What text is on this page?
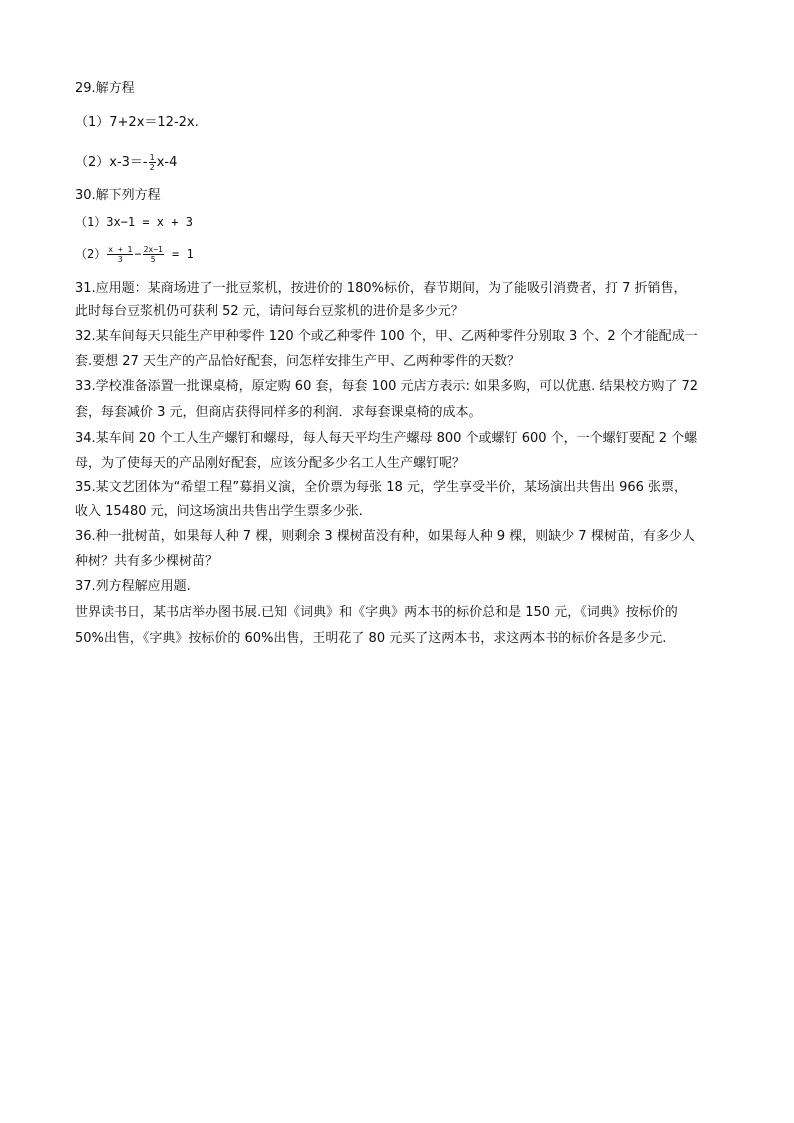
29.解方程
（1）7+2x＝12-2x.
$(2)x-3=- \frac{1}{2} x-4$
30.解下列方程
（1）3x−1 = x + 3
$(2) \frac{x + 1}{3} - \frac{2x-1}{5} = 1$
31.应用题：某商场进了一批豆浆机，按进价的 180%标价，春节期间，为了能吸引消费者，打 7 折销售，
此时每台豆浆机仍可获利 52 元，请问每台豆浆机的进价是多少元？
32.某车间每天只能生产甲种零件 120 个或乙种零件 100 个，甲、乙两种零件分别取 3 个、2 个才能配成一
套.要想 27 天生产的产品恰好配套，问怎样安排生产甲、乙两种零件的天数？
33.学校准备添置一批课桌椅，原定购 60 套，每套 100 元店方表示: 如果多购，可以优惠. 结果校方购了 72
套，每套减价 3 元，但商店获得同样多的利润．求每套课桌椅的成本。
34.某车间 20 个工人生产螺钉和螺母，每人每天平均生产螺母 800 个或螺钉 600 个，一个螺钉要配 2 个螺
母，为了使每天的产品刚好配套，应该分配多少名工人生产螺钉呢？
35.某文艺团体为“希望工程”募捐义演，全价票为每张 18 元，学生享受半价，某场演出共售出 966 张票，
收入 15480 元，问这场演出共售出学生票多少张.
36.种一批树苗，如果每人种 7 棵，则剩余 3 棵树苗没有种，如果每人种 9 棵，则缺少 7 棵树苗，有多少人
种树？共有多少棵树苗？
37.列方程解应用题.
世界读书日，某书店举办图书展.已知《词典》和《字典》两本书的标价总和是 150 元，《词典》按标价的
50%出售，《字典》按标价的 60%出售，王明花了 80 元买了这两本书，求这两本书的标价各是多少元.
